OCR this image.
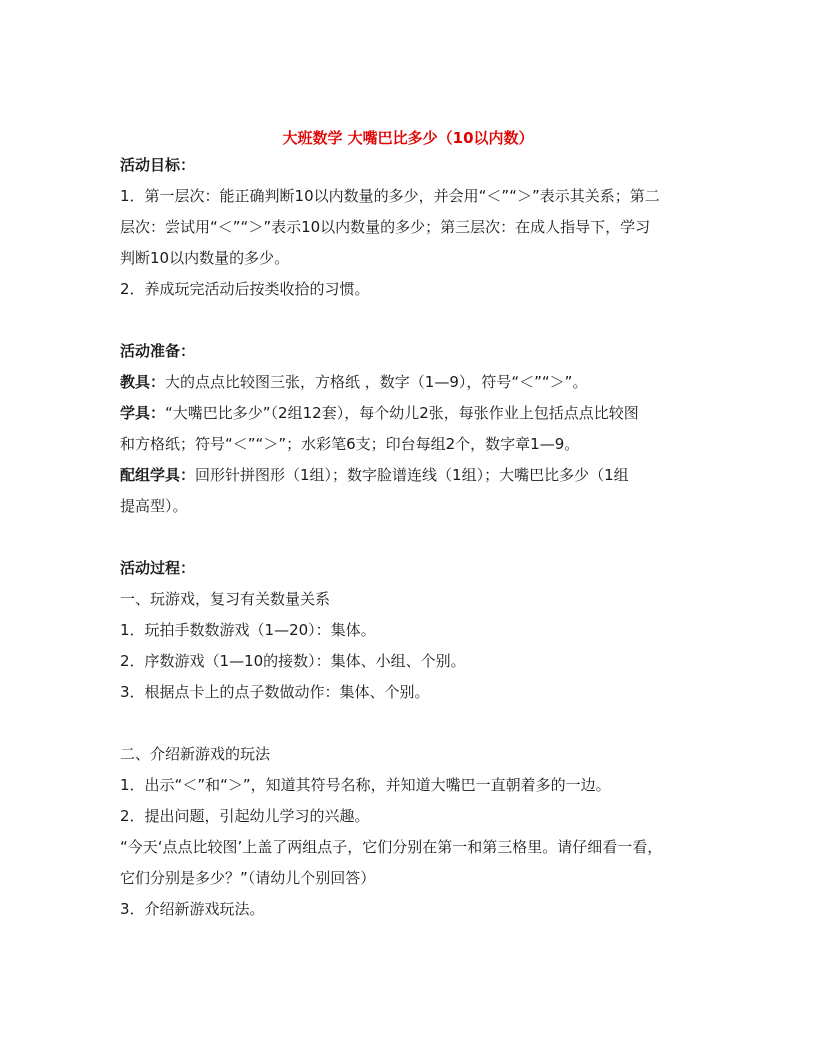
大班数学 大嘴巴比多少（10以内数）
活动目标：
1．第一层次：能正确判断10以内数量的多少，并会用“＜”“＞”表示其关系；第二
层次：尝试用“＜”“＞”表示10以内数量的多少；第三层次：在成人指导下，学习
判断10以内数量的多少。
2．养成玩完活动后按类收拾的习惯。
活动准备：
教具：大的点点比较图三张，方格纸 ，数字（1—9），符号“＜”“＞”。
学具：“大嘴巴比多少”（2组12套），每个幼儿2张，每张作业上包括点点比较图
和方格纸；符号“＜”“＞”；水彩笔6支；印台每组2个，数字章1—9。
配组学具：回形针拼图形（1组）；数字脸谱连线（1组）；大嘴巴比多少（1组
提高型）。
活动过程：
一、玩游戏，复习有关数量关系
1．玩拍手数数游戏（1—20）：集体。
2．序数游戏（1—10的接数）：集体、小组、个别。
3．根据点卡上的点子数做动作：集体、个别。
二、介绍新游戏的玩法
1．出示“＜”和“＞”，知道其符号名称，并知道大嘴巴一直朝着多的一边。
2．提出问题，引起幼儿学习的兴趣。
“今天‘点点比较图’上盖了两组点子，它们分别在第一和第三格里。请仔细看一看，
它们分别是多少？”（请幼儿个别回答）
3．介绍新游戏玩法。
